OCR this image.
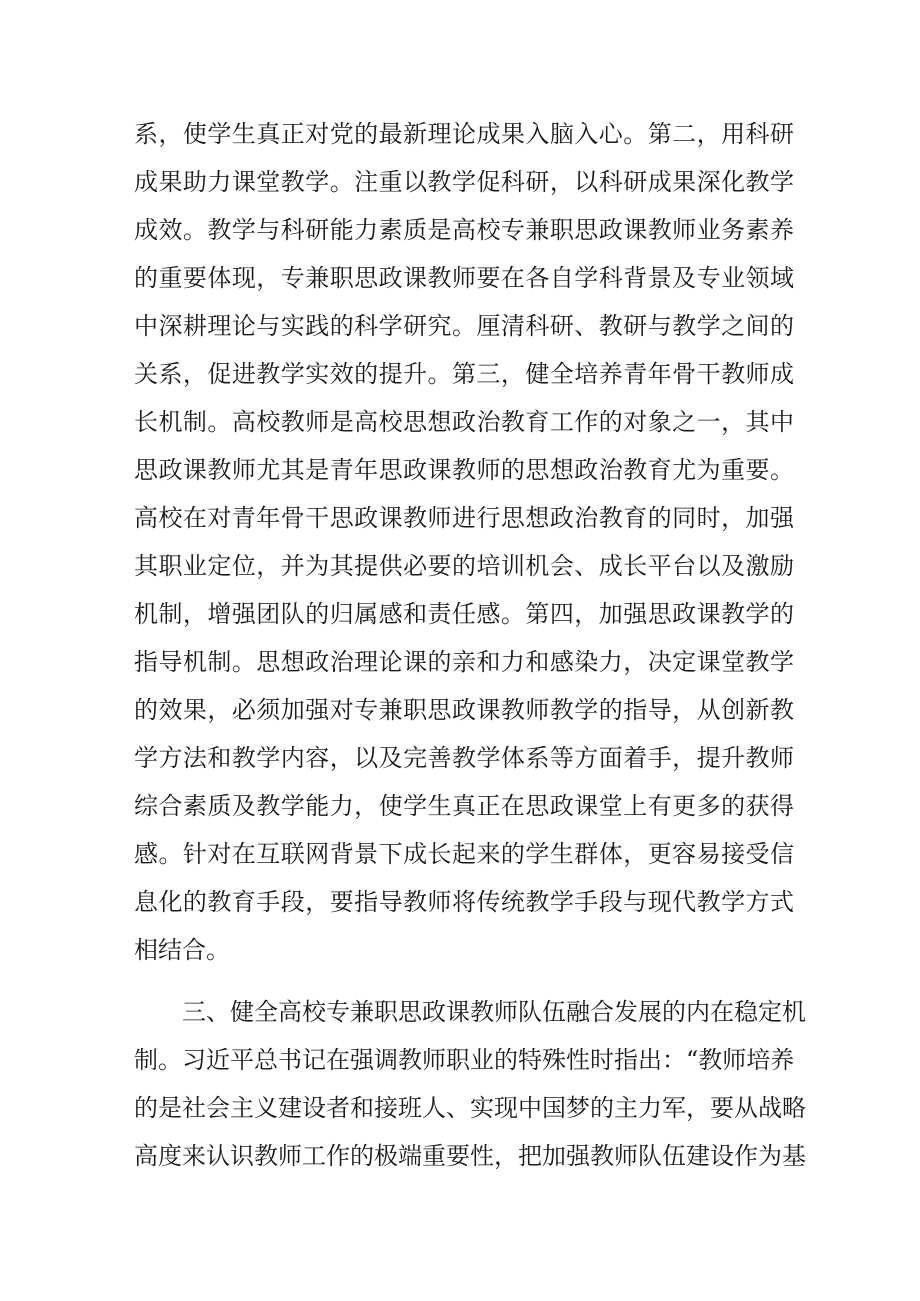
系，使学生真正对党的最新理论成果入脑入心。第二，用科研
成果助力课堂教学。注重以教学促科研，以科研成果深化教学
成效。教学与科研能力素质是高校专兼职思政课教师业务素养
的重要体现，专兼职思政课教师要在各自学科背景及专业领域
中深耕理论与实践的科学研究。厘清科研、教研与教学之间的
关系，促进教学实效的提升。第三，健全培养青年骨干教师成
长机制。高校教师是高校思想政治教育工作的对象之一，其中
思政课教师尤其是青年思政课教师的思想政治教育尤为重要。
高校在对青年骨干思政课教师进行思想政治教育的同时，加强
其职业定位，并为其提供必要的培训机会、成长平台以及激励
机制，增强团队的归属感和责任感。第四，加强思政课教学的
指导机制。思想政治理论课的亲和力和感染力，决定课堂教学
的效果，必须加强对专兼职思政课教师教学的指导，从创新教
学方法和教学内容，以及完善教学体系等方面着手，提升教师
综合素质及教学能力，使学生真正在思政课堂上有更多的获得
感。针对在互联网背景下成长起来的学生群体，更容易接受信
息化的教育手段，要指导教师将传统教学手段与现代教学方式
相结合。
三、健全高校专兼职思政课教师队伍融合发展的内在稳定机
制。习近平总书记在强调教师职业的特殊性时指出：“教师培养
的是社会主义建设者和接班人、实现中国梦的主力军，要从战略
高度来认识教师工作的极端重要性，把加强教师队伍建设作为基
